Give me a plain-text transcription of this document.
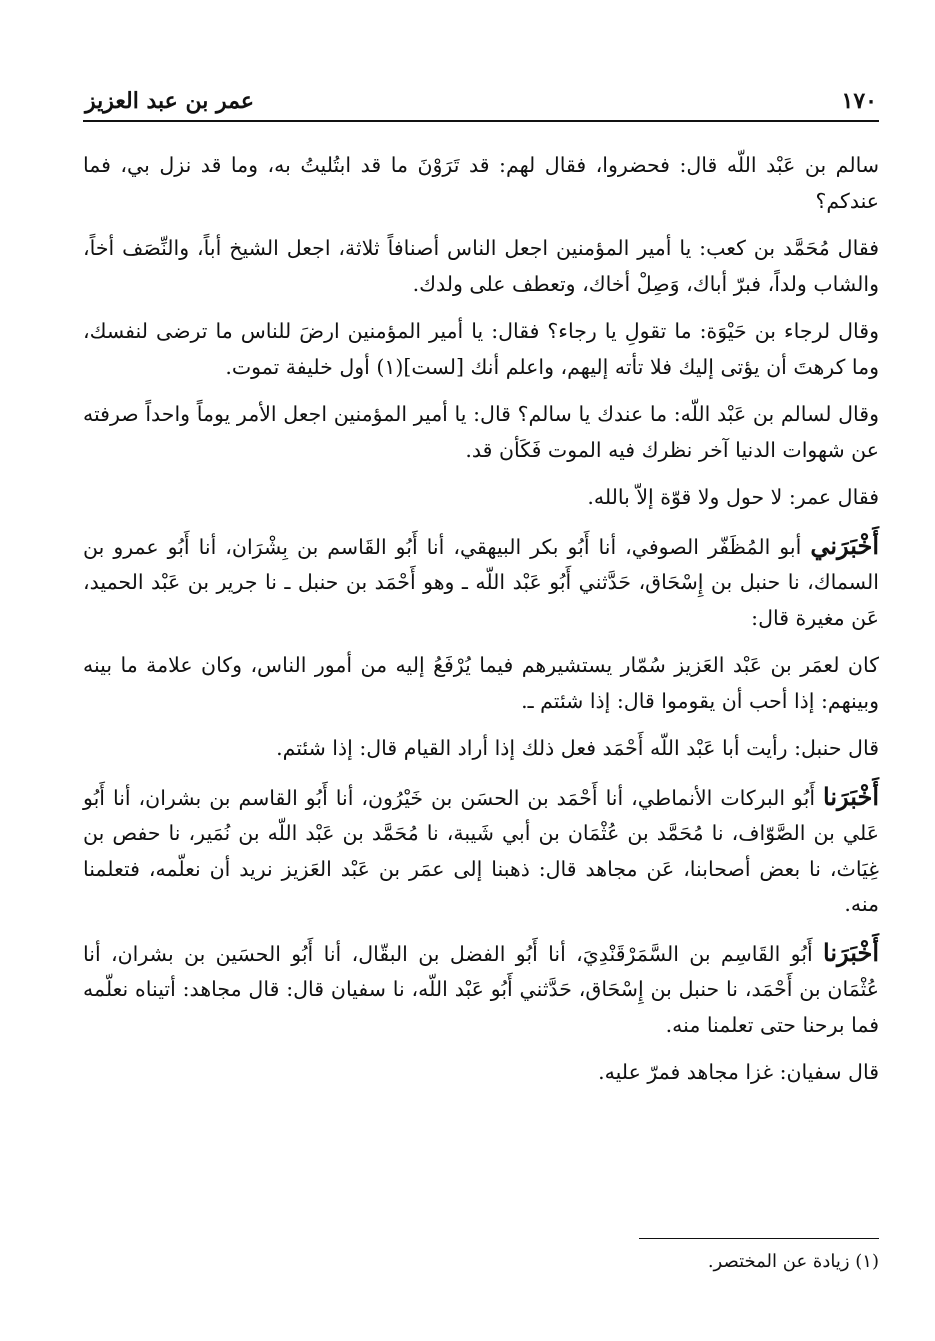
١٧٠
عمر بن عبد العزيز

سالم بن عَبْد اللّه قال: فحضروا، فقال لهم: قد تَرَوْنَ ما قد ابتُليتُ به، وما قد نزل بي، فما عندكم؟

فقال مُحَمَّد بن كعب: يا أمير المؤمنين اجعل الناس أصنافاً ثلاثة، اجعل الشيخ أباً، والنِّصَف أخاً، والشاب ولداً، فبرّ أباك، وَصِلْ أخاك، وتعطف على ولدك.

وقال لرجاء بن حَيْوَة: ما تقولِ يا رجاء؟ فقال: يا أمير المؤمنين ارضَ للناس ما ترضى لنفسك، وما كرهتَ أن يؤتى إليك فلا تأته إليهم، واعلم أنك [لست](١) أول خليفة تموت.

وقال لسالم بن عَبْد اللّه: ما عندك يا سالم؟ قال: يا أمير المؤمنين اجعل الأمر يوماً واحداً صرفته عن شهوات الدنيا آخر نظرك فيه الموت فَكَأن قد.

فقال عمر: لا حول ولا قوّة إلاّ بالله.

أَخْبَرَني أبو المُظَفّر الصوفي، أنا أَبُو بكر البيهقي، أنا أَبُو القَاسم بن بِشْرَان، أنا أَبُو عمرو بن السماك، نا حنبل بن إِسْحَاق، حَدَّثني أَبُو عَبْد اللّه ـ وهو أَحْمَد بن حنبل ـ نا جرير بن عَبْد الحميد، عَن مغيرة قال:

كان لعمَر بن عَبْد العَزيز سُمّار يستشيرهم فيما يُرْفَعُ إليه من أمور الناس، وكان علامة ما بينه وبينهم: إذا أحب أن يقوموا قال: إذا شئتم ـ.

قال حنبل: رأيت أبا عَبْد اللّه أَحْمَد فعل ذلك إذا أراد القيام قال: إذا شئتم.

أَخْبَرَنا أَبُو البركات الأنماطي، أنا أَحْمَد بن الحسَن بن خَيْرُون، أنا أَبُو القاسم بن بشران، أنا أَبُو عَلي بن الصَّوّاف، نا مُحَمَّد بن عُثْمَان بن أبي شَيبة، نا مُحَمَّد بن عَبْد اللّه بن نُمَير، نا حفص بن غِيَاث، نا بعض أصحابنا، عَن مجاهد قال: ذهبنا إلى عمَر بن عَبْد العَزيز نريد أن نعلّمه، فتعلمنا منه.

أَخْبَرَنا أَبُو القَاسِم بن السَّمَرْقَنْدِيَ، أنا أَبُو الفضل بن البقّال، أنا أَبُو الحسَين بن بشران، أنا عُثْمَان بن أَحْمَد، نا حنبل بن إِسْحَاق، حَدَّثني أَبُو عَبْد اللّه، نا سفيان قال: قال مجاهد: أتيناه نعلّمه فما برحنا حتى تعلمنا منه.

قال سفيان: غزا مجاهد فمرّ عليه.

(١) زيادة عن المختصر.
